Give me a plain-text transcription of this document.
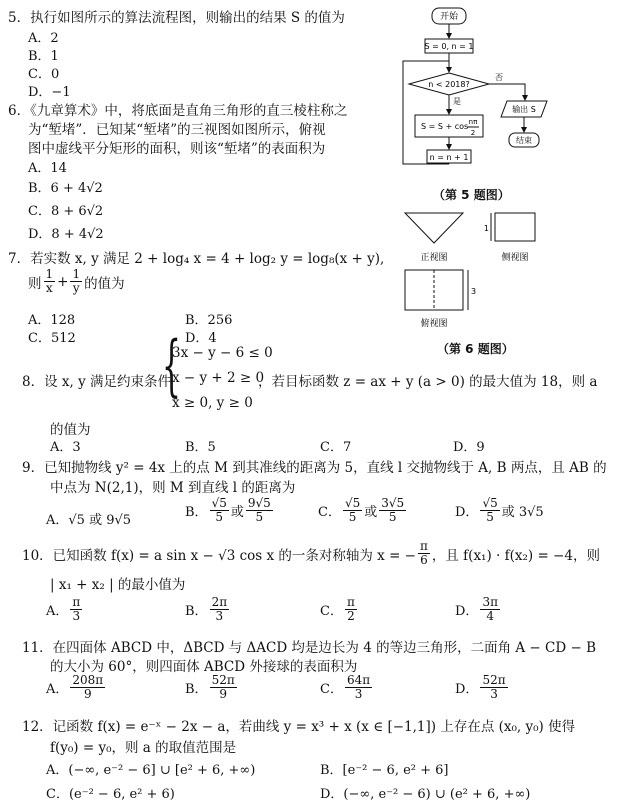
5．执行如图所示的算法流程图，则输出的结果 S 的值为
A．2
B．1
C．0
D．−1
6．《九章算术》中，将底面是直角三角形的直三棱柱称之
为“堑堵”．已知某“堑堵”的三视图如图所示，俯视
图中虚线平分矩形的面积，则该“堑堵”的表面积为
A．14
B．6 + 4√2
C．8 + 6√2
D．8 + 4√2
7．若实数 x, y 满足 2 + log₄ x = 4 + log₂ y = log₈(x + y),
则 $\frac{1}{x} + \frac{1}{y}$ 的值为
A．128	B．256
C．512	D．4
8．设 x, y 满足约束条件
{
3x − y − 6 ≤ 0
x − y + 2 ≥ 0
x ≥ 0, y ≥ 0
，若目标函数 z = ax + y (a > 0) 的最大值为 18，则 a
的值为
A．3	B．5	C．7	D．9
9．已知抛物线 y² = 4x 上的点 M 到其准线的距离为 5，直线 l 交抛物线于 A, B 两点，且 AB 的
中点为 N(2,1)，则 M 到直线 l 的距离为
A．√5 或 9√5
B． $\frac{√5}{5}$ 或 $\frac{9√5}{5}$	C． $\frac{√5}{5}$ 或 $\frac{3√5}{5}$	D． $\frac{√5}{5}$ 或 3√5
10．已知函数 f(x) = a sin x − √3 cos x 的一条对称轴为 x = − $\frac{\pi}{6}$ ，且 f(x₁) · f(x₂) = −4，则
| x₁ + x₂ | 的最小值为
A． $\frac{\pi}{3}$	B． $\frac{2\pi}{3}$	C． $\frac{\pi}{2}$	D． $\frac{3\pi}{4}$
11．在四面体 ABCD 中，ΔBCD 与 ΔACD 均是边长为 4 的等边三角形，二面角 A − CD − B
的大小为 60°，则四面体 ABCD 外接球的表面积为
A． $\frac{208\pi}{9}$	B． $\frac{52\pi}{9}$	C． $\frac{64\pi}{3}$	D． $\frac{52\pi}{3}$
12．记函数 f(x) = e⁻ˣ − 2x − a，若曲线 y = x³ + x (x ∈ [−1,1]) 上存在点 (x₀, y₀) 使得
f(y₀) = y₀，则 a 的取值范围是
A．(−∞, e⁻² − 6] ∪ [e² + 6, +∞)	B．[e⁻² − 6, e² + 6]
C．(e⁻² − 6, e² + 6)	D．(−∞, e⁻² − 6) ∪ (e² + 6, +∞)
开始
S = 0, n = 1
n < 2018?
是
否
S = S + cos nπ
2
n = n + 1
输出 S
结束
（第 5 题图）
正视图
1
侧视图
3
俯视图
（第 6 题图）
